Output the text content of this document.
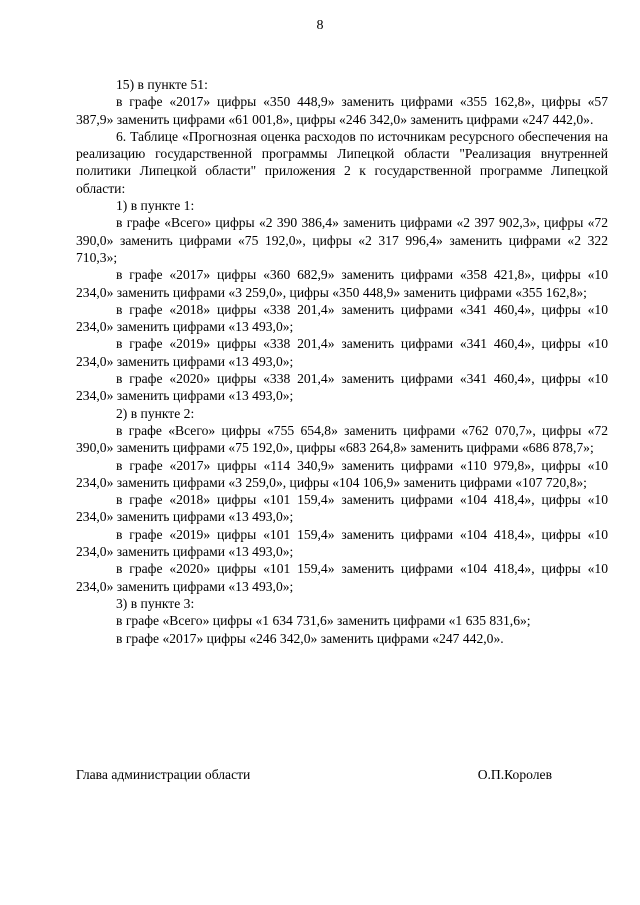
8

15) в пункте 51:

в графе «2017» цифры «350 448,9» заменить цифрами «355 162,8», цифры «57 387,9» заменить цифрами «61 001,8», цифры «246 342,0» заменить цифрами «247 442,0».

6. Таблице «Прогнозная оценка расходов по источникам ресурсного обеспечения на реализацию государственной программы Липецкой области "Реализация внутренней политики Липецкой области" приложения 2 к государственной программе Липецкой области:

1) в пункте 1:

в графе «Всего» цифры «2 390 386,4» заменить цифрами «2 397 902,3», цифры «72 390,0» заменить цифрами «75 192,0», цифры «2 317 996,4» заменить цифрами «2 322 710,3»;

в графе «2017» цифры «360 682,9» заменить цифрами «358 421,8», цифры «10 234,0» заменить цифрами «3 259,0», цифры «350 448,9» заменить цифрами «355 162,8»;

в графе «2018» цифры «338 201,4» заменить цифрами «341 460,4», цифры «10 234,0» заменить цифрами «13 493,0»;

в графе «2019» цифры «338 201,4» заменить цифрами «341 460,4», цифры «10 234,0» заменить цифрами «13 493,0»;

в графе «2020» цифры «338 201,4» заменить цифрами «341 460,4», цифры «10 234,0» заменить цифрами «13 493,0»;

2) в пункте 2:

в графе «Всего» цифры «755 654,8» заменить цифрами «762 070,7», цифры «72 390,0» заменить цифрами «75 192,0», цифры «683 264,8» заменить цифрами «686 878,7»;

в графе «2017» цифры «114 340,9» заменить цифрами «110 979,8», цифры «10 234,0» заменить цифрами «3 259,0», цифры «104 106,9» заменить цифрами «107 720,8»;

в графе «2018» цифры «101 159,4» заменить цифрами «104 418,4», цифры «10 234,0» заменить цифрами «13 493,0»;

в графе «2019» цифры «101 159,4» заменить цифрами «104 418,4», цифры «10 234,0» заменить цифрами «13 493,0»;

в графе «2020» цифры «101 159,4» заменить цифрами «104 418,4», цифры «10 234,0» заменить цифрами «13 493,0»;

3) в пункте 3:

в графе «Всего» цифры «1 634 731,6» заменить цифрами «1 635 831,6»;

в графе «2017» цифры «246 342,0» заменить цифрами «247 442,0».

Глава администрации области	О.П.Королев
